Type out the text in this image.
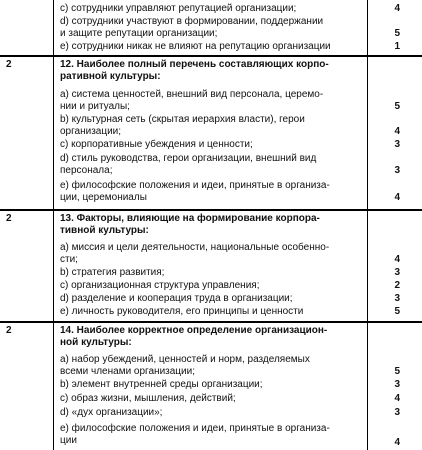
c) сотрудники управляют репутацией организации;	4
d) сотрудники участвуют в формировании, поддержании
и защите репутации организации;	5
e) сотрудники никак не влияют на репутацию организации	1
2	12. Наиболее полный перечень составляющих корпо-
ративной культуры:
a) система ценностей, внешний вид персонала, церемо-
нии и ритуалы;	5
b) культурная сеть (скрытая иерархия власти), герои
организации;	4
c) корпоративные убеждения и ценности;	3
d) стиль руководства, герои организации, внешний вид
персонала;	3
e) философские положения и идеи, принятые в организа-
ции, церемониалы	4
2	13. Факторы, влияющие на формирование корпора-
тивной культуры:
a) миссия и цели деятельности, национальные особенно-
сти;	4
b) стратегия развития;	3
c) организационная структура управления;	2
d) разделение и кооперация труда в организации;	3
e) личность руководителя, его принципы и ценности	5
2	14. Наиболее корректное определение организацион-
ной культуры:
a) набор убеждений, ценностей и норм, разделяемых
всеми членами организации;	5
b) элемент внутренней среды организации;	3
c) образ жизни, мышления, действий;	4
d) «дух организации»;	3
e) философские положения и идеи, принятые в организа-
ции	4
